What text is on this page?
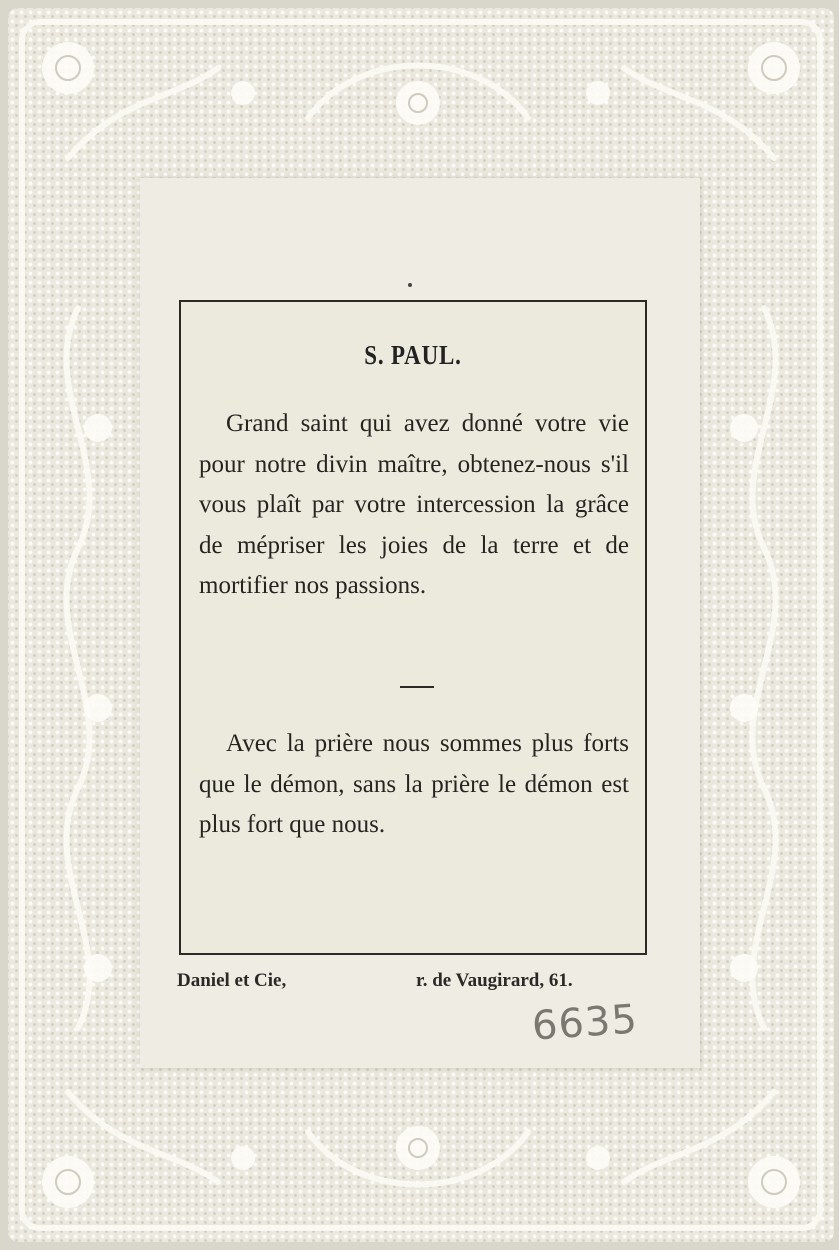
S. PAUL.

Grand saint qui avez donné votre vie pour notre divin maître, obtenez-nous s'il vous plaît par votre intercession la grâce de mépriser les joies de la terre et de mortifier nos passions.

Avec la prière nous sommes plus forts que le démon, sans la prière le démon est plus fort que nous.

Daniel et Cie,	r. de Vaugirard, 61.
6635
